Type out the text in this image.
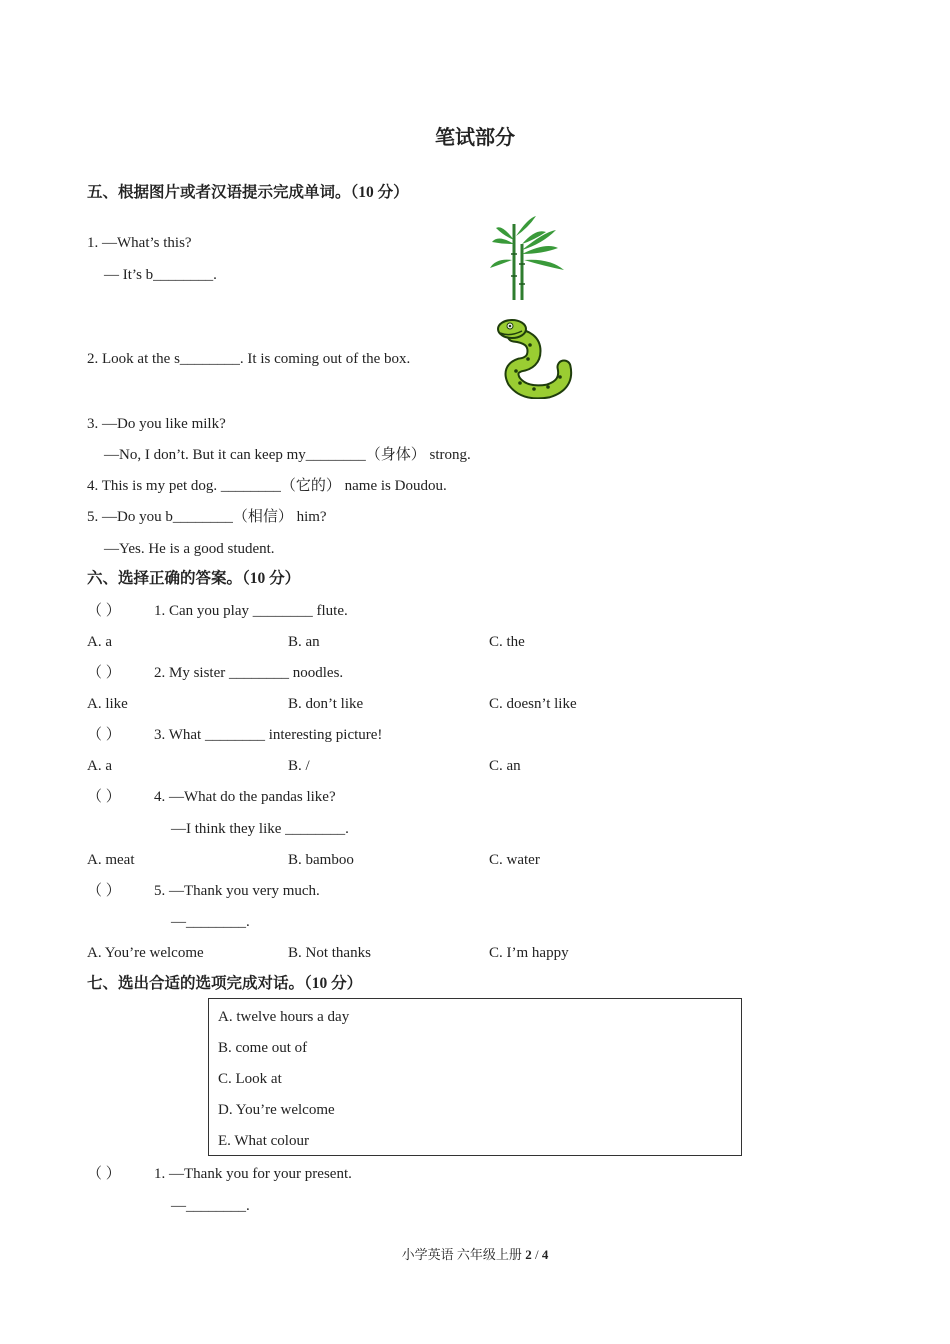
笔试部分
五、根据图片或者汉语提示完成单词。（10 分）
1. —What’s this?
— It’s b________.
2. Look at the s________. It is coming out of the box.
3. —Do you like milk?
—No, I don’t. But it can keep my________（身体） strong.
4. This is my pet dog. ________（它的） name is Doudou.
5. —Do you b________（相信） him?
—Yes. He is a good student.
六、选择正确的答案。（10 分）
（ ） 1. Can you play ________ flute.
A. a	B. an	C. the
（ ） 2. My sister ________ noodles.
A. like	B. don’t like	C. doesn’t like
（ ） 3. What ________ interesting picture!
A. a	B. /	C. an
（ ） 4. —What do the pandas like?
—I think they like ________.
A. meat	B. bamboo	C. water
（ ） 5. —Thank you very much.
—________.
A. You’re welcome	B. Not thanks	C. I’m happy
七、选出合适的选项完成对话。（10 分）
A. twelve hours a day
B. come out of
C. Look at
D. You’re welcome
E. What colour
（ ） 1. —Thank you for your present.
—________.
小学英语 六年级上册 2 / 4
